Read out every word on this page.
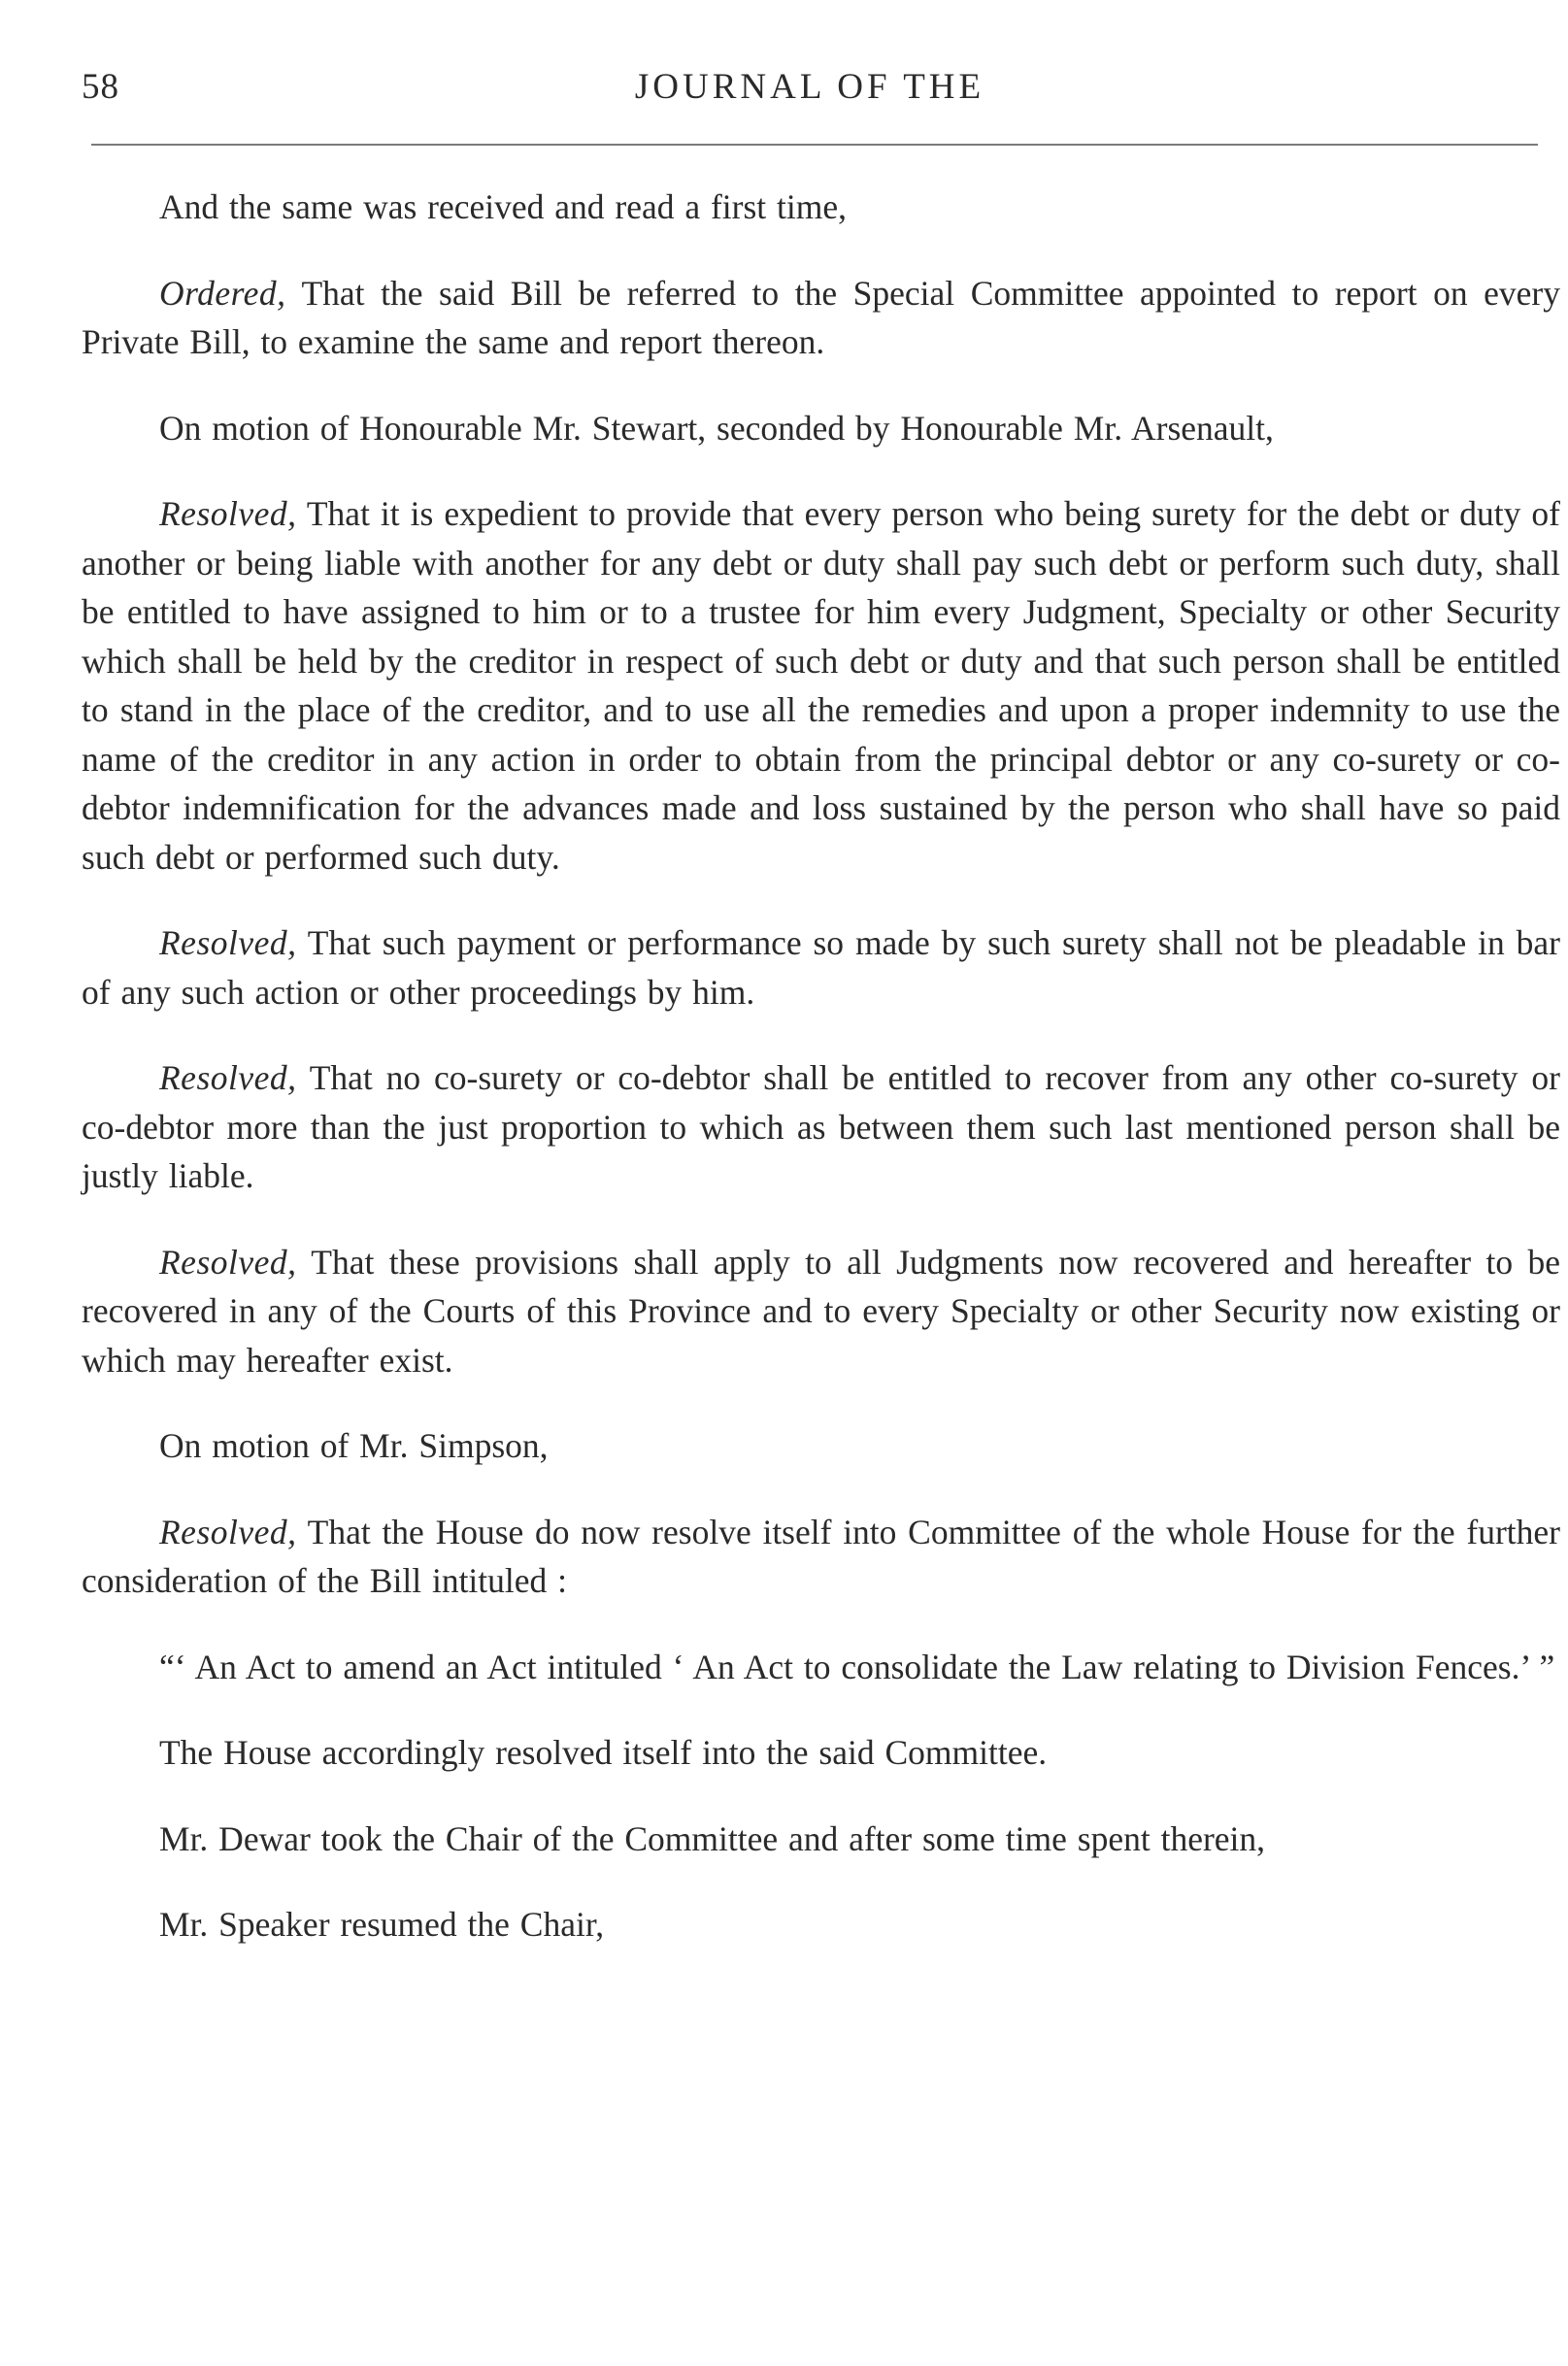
58	JOURNAL OF THE

And the same was received and read a first time,

Ordered, That the said Bill be referred to the Special Committee appointed to report on every Private Bill, to examine the same and report thereon.

On motion of Honourable Mr. Stewart, seconded by Honourable Mr. Arsenault,

Resolved, That it is expedient to provide that every person who being surety for the debt or duty of another or being liable with another for any debt or duty shall pay such debt or perform such duty, shall be entitled to have assigned to him or to a trustee for him every Judgment, Specialty or other Security which shall be held by the creditor in respect of such debt or duty and that such person shall be entitled to stand in the place of the creditor, and to use all the remedies and upon a proper indemnity to use the name of the creditor in any action in order to obtain from the principal debtor or any co-surety or co-debtor indemnification for the advances made and loss sustained by the person who shall have so paid such debt or performed such duty.

Resolved, That such payment or performance so made by such surety shall not be pleadable in bar of any such action or other proceedings by him.

Resolved, That no co-surety or co-debtor shall be entitled to recover from any other co-surety or co-debtor more than the just proportion to which as between them such last mentioned person shall be justly liable.

Resolved, That these provisions shall apply to all Judgments now recovered and hereafter to be recovered in any of the Courts of this Province and to every Specialty or other Security now existing or which may hereafter exist.

On motion of Mr. Simpson,

Resolved, That the House do now resolve itself into Committee of the whole House for the further consideration of the Bill intituled :

“‘ An Act to amend an Act intituled ‘ An Act to consolidate the Law relating to Division Fences.’ ”

The House accordingly resolved itself into the said Committee.

Mr. Dewar took the Chair of the Committee and after some time spent therein,

Mr. Speaker resumed the Chair,
